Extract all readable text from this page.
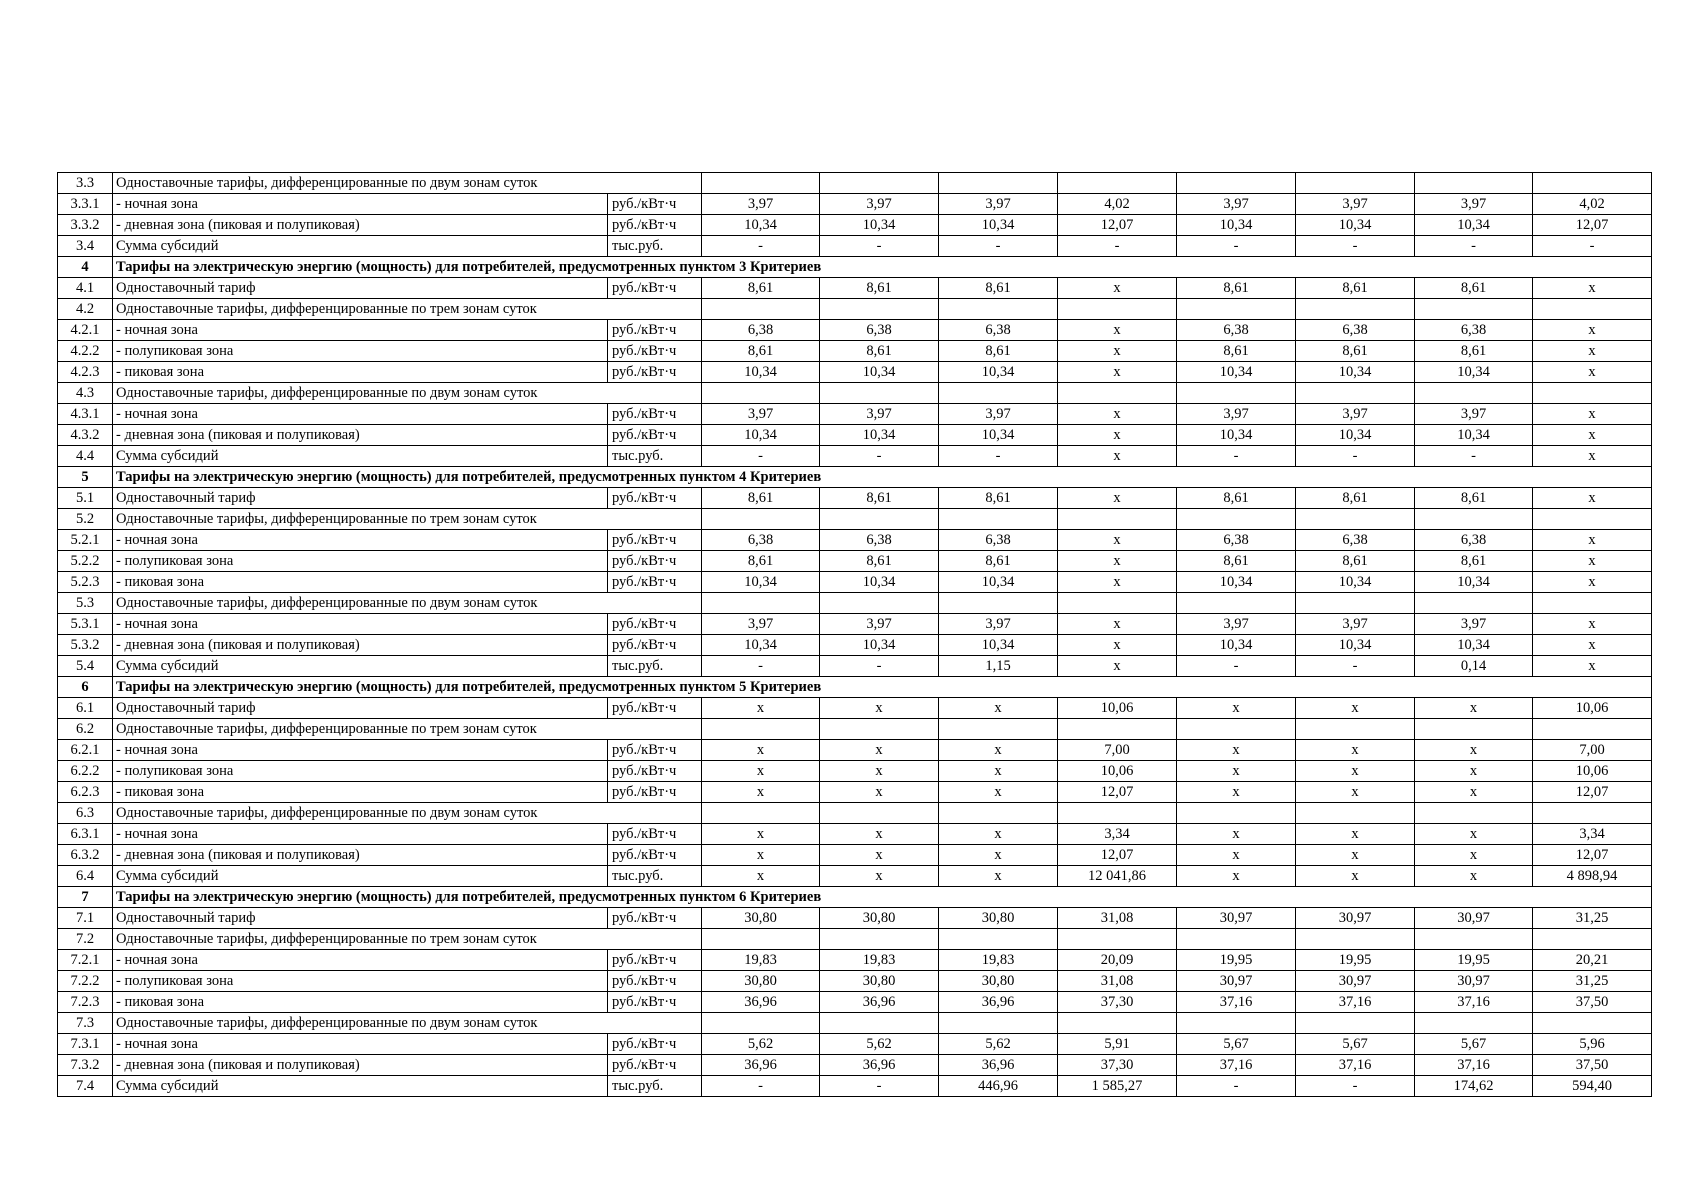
3.3	Одноставочные тарифы, дифференцированные по двум зонам суток									
3.3.1	- ночная зона	руб./кВт·ч	3,97	3,97	3,97	4,02	3,97	3,97	3,97	4,02
3.3.2	- дневная зона (пиковая и полупиковая)	руб./кВт·ч	10,34	10,34	10,34	12,07	10,34	10,34	10,34	12,07
3.4	Сумма субсидий	тыс.руб.	-	-	-	-	-	-	-	-
4	Тарифы на электрическую энергию (мощность) для потребителей, предусмотренных пунктом 3 Критериев									
4.1	Одноставочный тариф	руб./кВт·ч	8,61	8,61	8,61	х	8,61	8,61	8,61	х
4.2	Одноставочные тарифы, дифференцированные по трем зонам суток									
4.2.1	- ночная зона	руб./кВт·ч	6,38	6,38	6,38	х	6,38	6,38	6,38	х
4.2.2	- полупиковая зона	руб./кВт·ч	8,61	8,61	8,61	х	8,61	8,61	8,61	х
4.2.3	- пиковая зона	руб./кВт·ч	10,34	10,34	10,34	х	10,34	10,34	10,34	х
4.3	Одноставочные тарифы, дифференцированные по двум зонам суток									
4.3.1	- ночная зона	руб./кВт·ч	3,97	3,97	3,97	х	3,97	3,97	3,97	х
4.3.2	- дневная зона (пиковая и полупиковая)	руб./кВт·ч	10,34	10,34	10,34	х	10,34	10,34	10,34	х
4.4	Сумма субсидий	тыс.руб.	-	-	-	х	-	-	-	х
5	Тарифы на электрическую энергию (мощность) для потребителей, предусмотренных пунктом 4 Критериев									
5.1	Одноставочный тариф	руб./кВт·ч	8,61	8,61	8,61	х	8,61	8,61	8,61	х
5.2	Одноставочные тарифы, дифференцированные по трем зонам суток									
5.2.1	- ночная зона	руб./кВт·ч	6,38	6,38	6,38	х	6,38	6,38	6,38	х
5.2.2	- полупиковая зона	руб./кВт·ч	8,61	8,61	8,61	х	8,61	8,61	8,61	х
5.2.3	- пиковая зона	руб./кВт·ч	10,34	10,34	10,34	х	10,34	10,34	10,34	х
5.3	Одноставочные тарифы, дифференцированные по двум зонам суток									
5.3.1	- ночная зона	руб./кВт·ч	3,97	3,97	3,97	х	3,97	3,97	3,97	х
5.3.2	- дневная зона (пиковая и полупиковая)	руб./кВт·ч	10,34	10,34	10,34	х	10,34	10,34	10,34	х
5.4	Сумма субсидий	тыс.руб.	-	-	1,15	х	-	-	0,14	х
6	Тарифы на электрическую энергию (мощность) для потребителей, предусмотренных пунктом 5 Критериев									
6.1	Одноставочный тариф	руб./кВт·ч	х	х	х	10,06	х	х	х	10,06
6.2	Одноставочные тарифы, дифференцированные по трем зонам суток									
6.2.1	- ночная зона	руб./кВт·ч	х	х	х	7,00	х	х	х	7,00
6.2.2	- полупиковая зона	руб./кВт·ч	х	х	х	10,06	х	х	х	10,06
6.2.3	- пиковая зона	руб./кВт·ч	х	х	х	12,07	х	х	х	12,07
6.3	Одноставочные тарифы, дифференцированные по двум зонам суток									
6.3.1	- ночная зона	руб./кВт·ч	х	х	х	3,34	х	х	х	3,34
6.3.2	- дневная зона (пиковая и полупиковая)	руб./кВт·ч	х	х	х	12,07	х	х	х	12,07
6.4	Сумма субсидий	тыс.руб.	х	х	х	12 041,86	х	х	х	4 898,94
7	Тарифы на электрическую энергию (мощность) для потребителей, предусмотренных пунктом 6 Критериев									
7.1	Одноставочный тариф	руб./кВт·ч	30,80	30,80	30,80	31,08	30,97	30,97	30,97	31,25
7.2	Одноставочные тарифы, дифференцированные по трем зонам суток									
7.2.1	- ночная зона	руб./кВт·ч	19,83	19,83	19,83	20,09	19,95	19,95	19,95	20,21
7.2.2	- полупиковая зона	руб./кВт·ч	30,80	30,80	30,80	31,08	30,97	30,97	30,97	31,25
7.2.3	- пиковая зона	руб./кВт·ч	36,96	36,96	36,96	37,30	37,16	37,16	37,16	37,50
7.3	Одноставочные тарифы, дифференцированные по двум зонам суток									
7.3.1	- ночная зона	руб./кВт·ч	5,62	5,62	5,62	5,91	5,67	5,67	5,67	5,96
7.3.2	- дневная зона (пиковая и полупиковая)	руб./кВт·ч	36,96	36,96	36,96	37,30	37,16	37,16	37,16	37,50
7.4	Сумма субсидий	тыс.руб.	-	-	446,96	1 585,27	-	-	174,62	594,40
